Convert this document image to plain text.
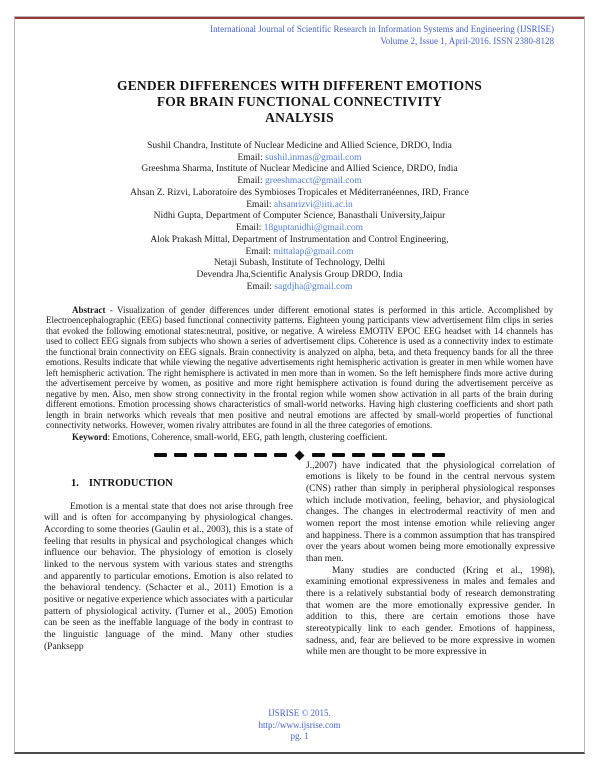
International Journal of Scientific Research in Information Systems and Engineering (IJSRISE)
Volume 2, Issue 1, April-2016. ISSN 2380-8128
GENDER DIFFERENCES WITH DIFFERENT EMOTIONS
FOR BRAIN FUNCTIONAL CONNECTIVITY
ANALYSIS
Sushil Chandra, Institute of Nuclear Medicine and Allied Science, DRDO, India
Email: sushil.inmas@gmail.com
Greeshma Sharma, Institute of Nuclear Medicine and Allied Science, DRDO, India
Email: greeshmacct@gmail.com
Ahsan Z. Rizvi, Laboratoire des Symbioses Tropicales et Méditerranéennes, IRD, France
Email: ahsanrizvi@iiti.ac.in
Nidhi Gupta, Department of Computer Science, Banasthali University,Jaipur
Email: 18guptanidhi@gmail.com
Alok Prakash Mittal, Department of Instrumentation and Control Engineering,
Email: mittalap@gmail.com
Netaji Subash, Institute of Technology, Delhi
Devendra Jha,Scientific Analysis Group DRDO, India
Email: sagdjha@gmail.com
Abstract - Visualization of gender differences under different emotional states is performed in this article. Accomplished by Electroencephalographic (EEG) based functional connectivity patterns. Eighteen young participants view advertisement film clips in series that evoked the following emotional states:neutral, positive, or negative. A wireless EMOTIV EPOC EEG headset with 14 channels has used to collect EEG signals from subjects who shown a series of advertisement clips. Coherence is used as a connectivity index to estimate the functional brain connectivity on EEG signals. Brain connectivity is analyzed on alpha, beta, and theta frequency bands for all the three emotions. Results indicate that while viewing the negative advertisements right hemispheric activation is greater in men while women have left hemispheric activation. The right hemisphere is activated in men more than in women. So the left hemisphere finds more active during the advertisement perceive by women, as positive and more right hemisphere activation is found during the advertisement perceive as negative by men. Also, men show strong connectivity in the frontal region while women show activation in all parts of the brain during different emotions. Emotion processing shows characteristics of small-world networks. Having high clustering coefficients and short path length in brain networks which reveals that men positive and neutral emotions are affected by small-world properties of functional connectivity networks. However, women rivalry attributes are found in all the three categories of emotions.
Keyword: Emotions, Coherence, small-world, EEG, path length, clustering coefficient.
1. INTRODUCTION

Emotion is a mental state that does not arise through free will and is often for accompanying by physiological changes. According to some theories (Gaulin et al., 2003), this is a state of feeling that results in physical and psychological changes which influence our behavior. The physiology of emotion is closely linked to the nervous system with various states and strengths and apparently to particular emotions. Emotion is also related to the behavioral tendency. (Schacter et al., 2011) Emotion is a positive or negative experience which associates with a particular pattern of physiological activity. (Turner et al., 2005) Emotion can be seen as the ineffable language of the body in contrast to the linguistic language of the mind. Many other studies (Panksepp

J.,2007) have indicated that the physiological correlation of emotions is likely to be found in the central nervous system (CNS) rather than simply in peripheral physiological responses which include motivation, feeling, behavior, and physiological changes. The changes in electrodermal reactivity of men and women report the most intense emotion while relieving anger and happiness. There is a common assumption that has transpired over the years about women being more emotionally expressive than men.

Many studies are conducted (Kring et al., 1998), examining emotional expressiveness in males and females and there is a relatively substantial body of research demonstrating that women are the more emotionally expressive gender. In addition to this, there are certain emotions those have stereotypically link to each gender. Emotions of happiness, sadness, and, fear are believed to be more expressive in women while men are thought to be more expressive in

IJSRISE © 2015.
http://www.ijsrise.com
pg. 1
